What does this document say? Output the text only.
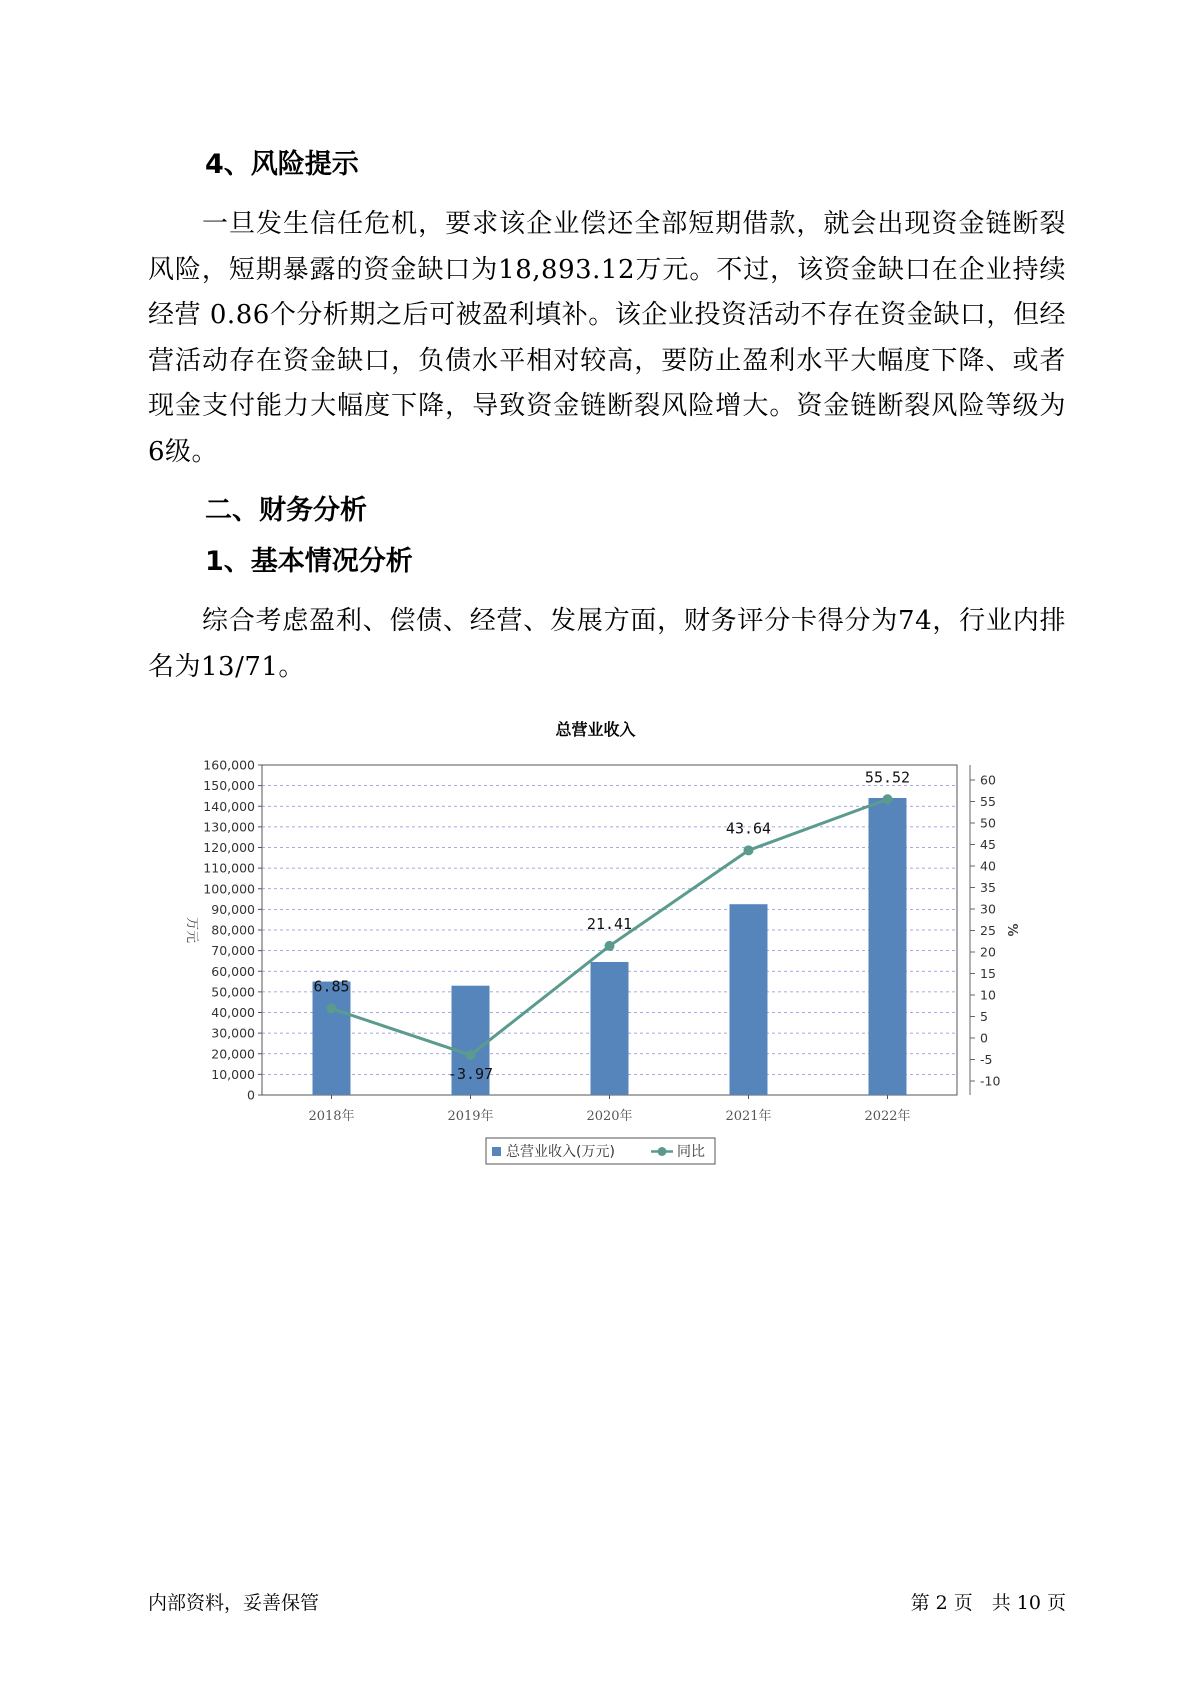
4、风险提示

一旦发生信任危机，要求该企业偿还全部短期借款，就会出现资金链断裂风险，短期暴露的资金缺口为18,893.12万元。不过，该资金缺口在企业持续经营 0.86个分析期之后可被盈利填补。该企业投资活动不存在资金缺口，但经营活动存在资金缺口，负债水平相对较高，要防止盈利水平大幅度下降、或者现金支付能力大幅度下降，导致资金链断裂风险增大。资金链断裂风险等级为6级。

二、财务分析
1、基本情况分析

综合考虑盈利、偿债、经营、发展方面，财务评分卡得分为74，行业内排名为13/71。

总营业收入
0
10,000
20,000
30,000
40,000
50,000
60,000
70,000
80,000
90,000
100,000
110,000
120,000
130,000
140,000
150,000
160,000
-10
-5
0
5
10
15
20
25
30
35
40
45
50
55
60
万元	%
2018年	2019年	2020年	2021年	2022年
6.85
-3.97
21.41
43.64
55.52
总营业收入(万元)	同比
内部资料，妥善保管	第 2 页　共 10 页
